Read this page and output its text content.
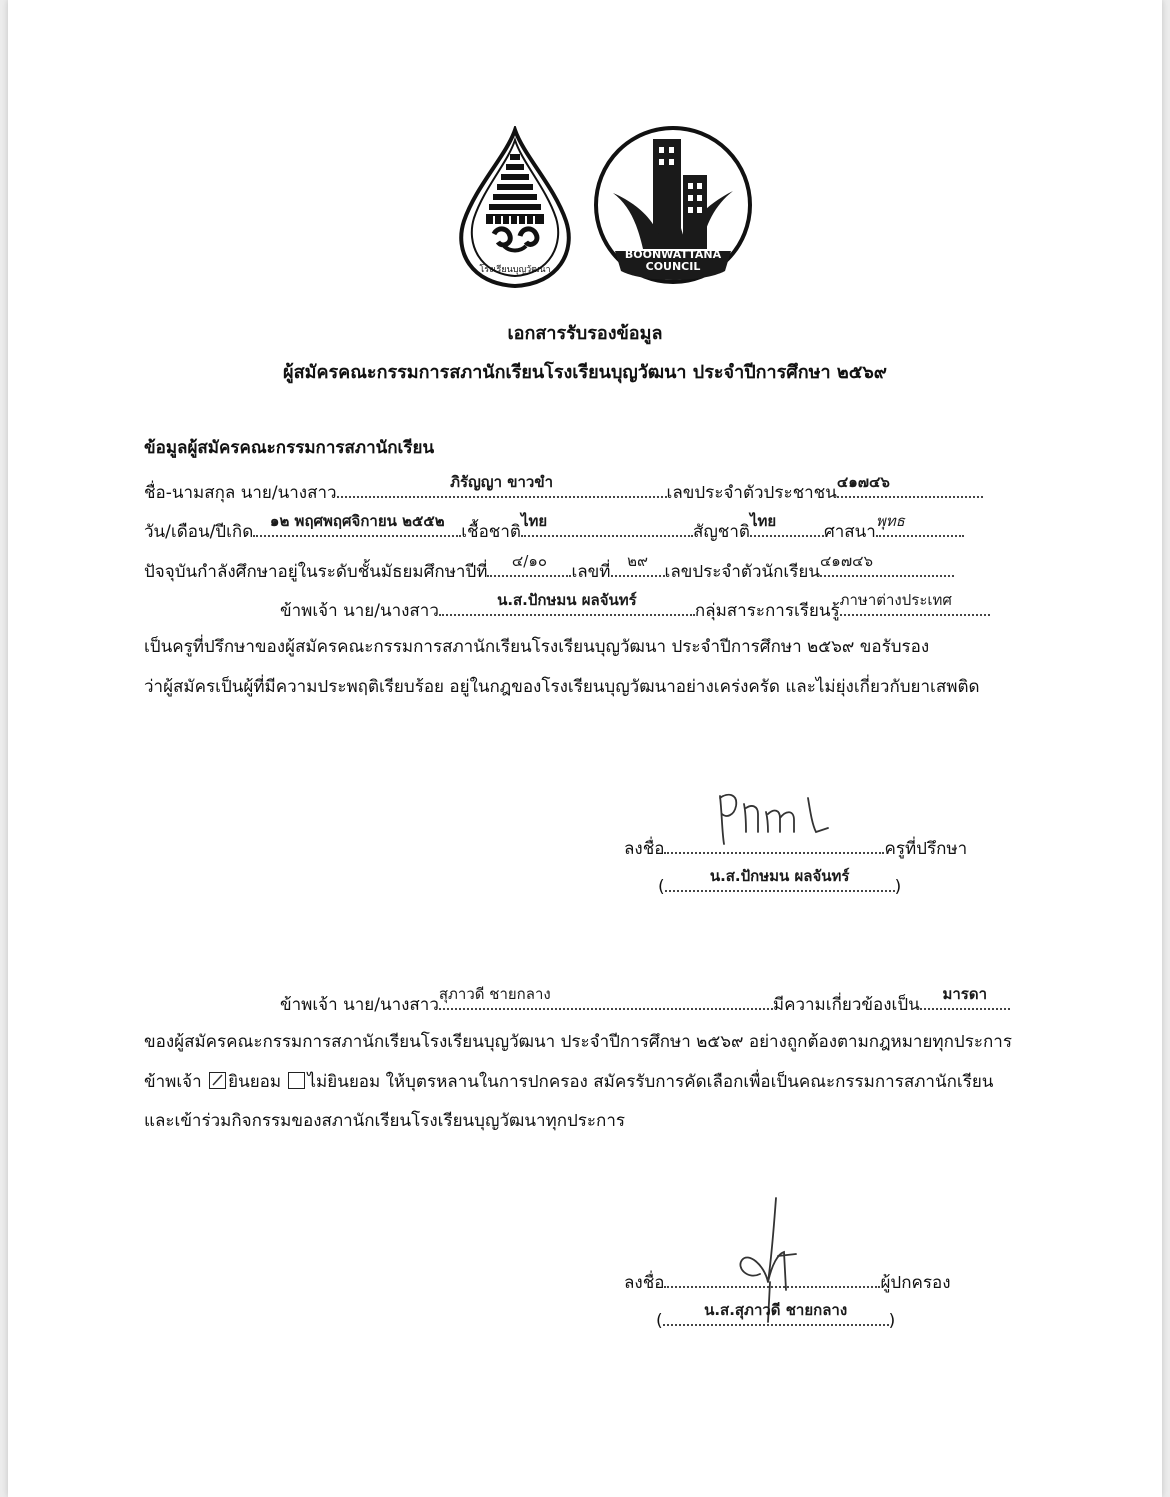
โรงเรียนบุญวัฒนา
BOONWATTANA
COUNCIL
เอกสารรับรองข้อมูล
ผู้สมัครคณะกรรมการสภานักเรียนโรงเรียนบุญวัฒนา ประจำปีการศึกษา ๒๕๖๙
ข้อมูลผู้สมัครคณะกรรมการสภานักเรียน
ชื่อ-นามสกุล นาย/นางสาว
ภิรัญญา ขาวขำ
เลขประจำตัวประชาชน
๔๑๗๔๖
วัน/เดือน/ปีเกิด
๑๒ พฤศพฤศจิกายน ๒๕๕๒
เชื้อชาติ
ไทย
สัญชาติ
ไทย
ศาสนา
พุทธ
ปัจจุบันกำลังศึกษาอยู่ในระดับชั้นมัธยมศึกษาปีที่
๔/๑๐
เลขที่
๒๙
เลขประจำตัวนักเรียน
๔๑๗๔๖
ข้าพเจ้า นาย/นางสาว
น.ส.ปักษมน ผลจันทร์
กลุ่มสาระการเรียนรู้
ภาษาต่างประเทศ
เป็นครูที่ปรึกษาของผู้สมัครคณะกรรมการสภานักเรียนโรงเรียนบุญวัฒนา ประจำปีการศึกษา ๒๕๖๙ ขอรับรอง
ว่าผู้สมัครเป็นผู้ที่มีความประพฤติเรียบร้อย อยู่ในกฎของโรงเรียนบุญวัฒนาอย่างเคร่งครัด และไม่ยุ่งเกี่ยวกับยาเสพติด
ลงชื่อ	ครูที่ปรึกษา
(
น.ส.ปักษมน ผลจันทร์
)
ข้าพเจ้า นาย/นางสาว
สุภาวดี ชายกลาง
มีความเกี่ยวข้องเป็น
มารดา
ของผู้สมัครคณะกรรมการสภานักเรียนโรงเรียนบุญวัฒนา ประจำปีการศึกษา ๒๕๖๙ อย่างถูกต้องตามกฎหมายทุกประการ
ข้าพเจ้า ยินยอม ไม่ยินยอม ให้บุตรหลานในการปกครอง สมัครรับการคัดเลือกเพื่อเป็นคณะกรรมการสภานักเรียน
และเข้าร่วมกิจกรรมของสภานักเรียนโรงเรียนบุญวัฒนาทุกประการ
ลงชื่อ	ผู้ปกครอง
(
น.ส.สุภาวดี ชายกลาง
)
